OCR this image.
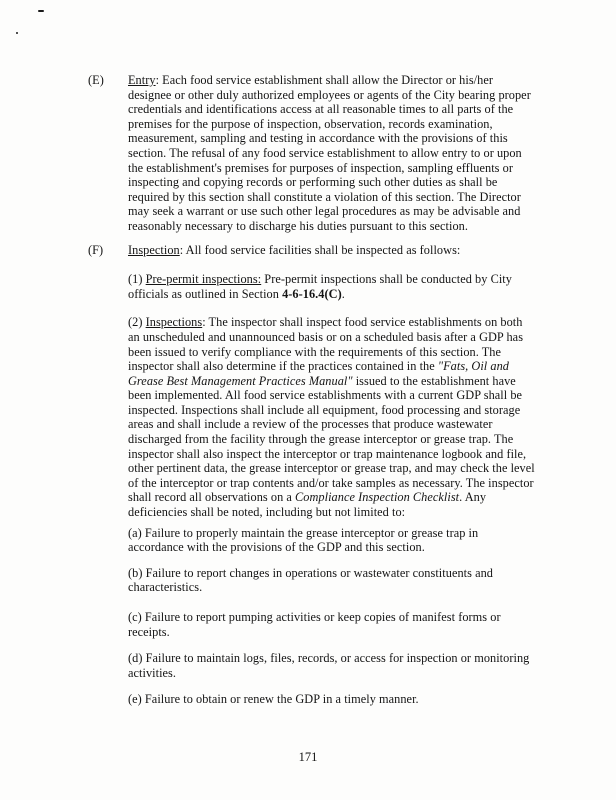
(E) Entry: Each food service establishment shall allow the Director or his/her
designee or other duly authorized employees or agents of the City bearing proper
credentials and identifications access at all reasonable times to all parts of the
premises for the purpose of inspection, observation, records examination,
measurement, sampling and testing in accordance with the provisions of this
section. The refusal of any food service establishment to allow entry to or upon
the establishment's premises for purposes of inspection, sampling effluents or
inspecting and copying records or performing such other duties as shall be
required by this section shall constitute a violation of this section. The Director
may seek a warrant or use such other legal procedures as may be advisable and
reasonably necessary to discharge his duties pursuant to this section.
(F) Inspection: All food service facilities shall be inspected as follows:
(1) Pre-permit inspections: Pre-permit inspections shall be conducted by City
officials as outlined in Section 4-6-16.4(C).
(2) Inspections: The inspector shall inspect food service establishments on both
an unscheduled and unannounced basis or on a scheduled basis after a GDP has
been issued to verify compliance with the requirements of this section. The
inspector shall also determine if the practices contained in the "Fats, Oil and
Grease Best Management Practices Manual" issued to the establishment have
been implemented. All food service establishments with a current GDP shall be
inspected. Inspections shall include all equipment, food processing and storage
areas and shall include a review of the processes that produce wastewater
discharged from the facility through the grease interceptor or grease trap. The
inspector shall also inspect the interceptor or trap maintenance logbook and file,
other pertinent data, the grease interceptor or grease trap, and may check the level
of the interceptor or trap contents and/or take samples as necessary. The inspector
shall record all observations on a Compliance Inspection Checklist. Any
deficiencies shall be noted, including but not limited to:
(a) Failure to properly maintain the grease interceptor or grease trap in
accordance with the provisions of the GDP and this section.
(b) Failure to report changes in operations or wastewater constituents and
characteristics.
(c) Failure to report pumping activities or keep copies of manifest forms or
receipts.
(d) Failure to maintain logs, files, records, or access for inspection or monitoring
activities.
(e) Failure to obtain or renew the GDP in a timely manner.
171
